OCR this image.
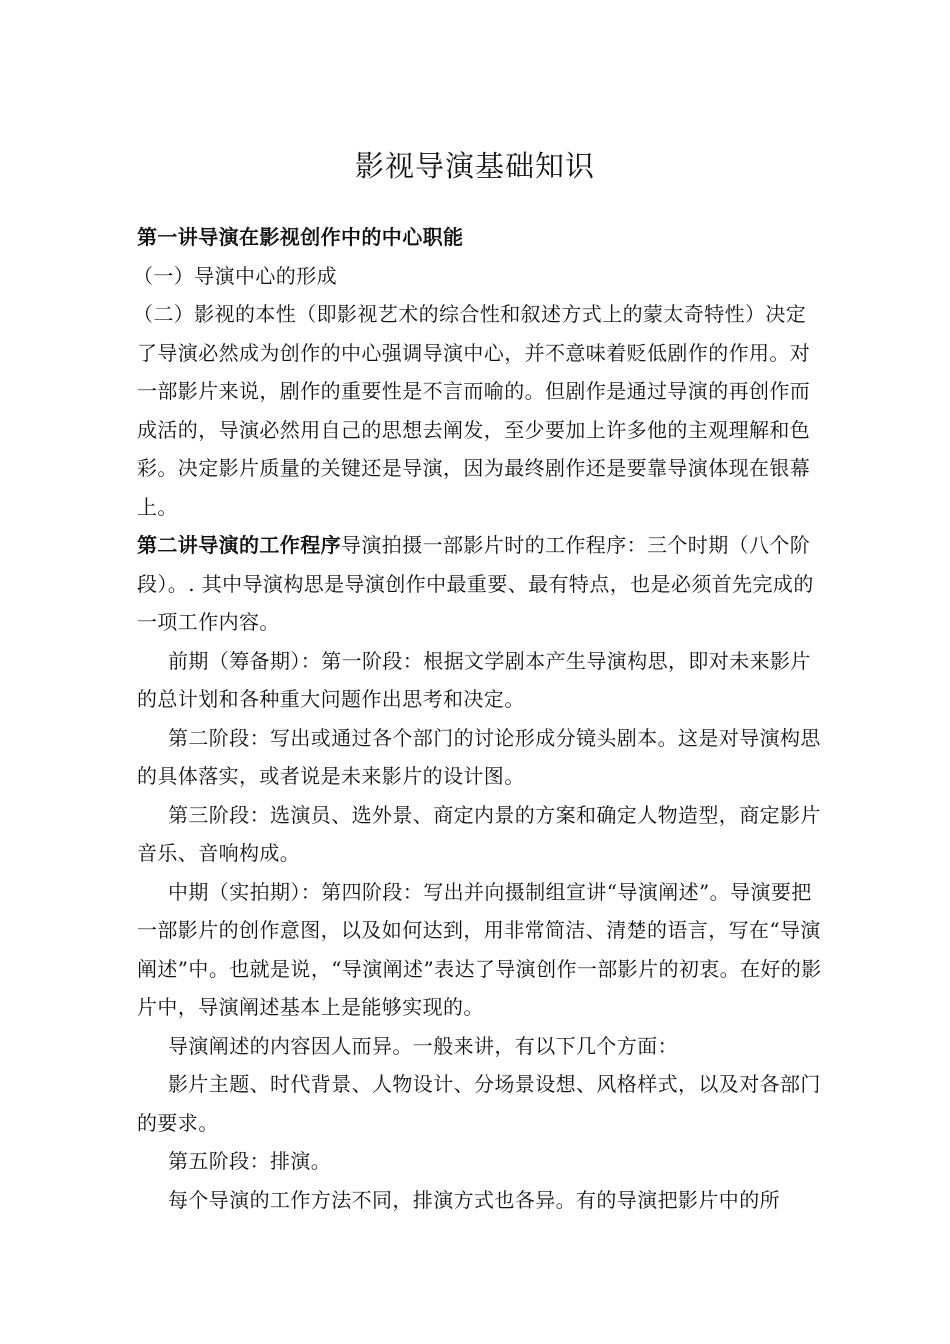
影视导演基础知识

第一讲导演在影视创作中的中心职能

（一）导演中心的形成

（二）影视的本性（即影视艺术的综合性和叙述方式上的蒙太奇特性）决定了导演必然成为创作的中心强调导演中心，并不意味着贬低剧作的作用。对一部影片来说，剧作的重要性是不言而喻的。但剧作是通过导演的再创作而成活的，导演必然用自己的思想去阐发，至少要加上许多他的主观理解和色彩。决定影片质量的关键还是导演，因为最终剧作还是要靠导演体现在银幕上。

第二讲导演的工作程序导演拍摄一部影片时的工作程序：三个时期（八个阶段）。. 其中导演构思是导演创作中最重要、最有特点，也是必须首先完成的一项工作内容。

前期（筹备期）：第一阶段：根据文学剧本产生导演构思，即对未来影片的总计划和各种重大问题作出思考和决定。

第二阶段：写出或通过各个部门的讨论形成分镜头剧本。这是对导演构思的具体落实，或者说是未来影片的设计图。

第三阶段：选演员、选外景、商定内景的方案和确定人物造型，商定影片音乐、音响构成。

中期（实拍期）：第四阶段：写出并向摄制组宣讲“导演阐述”。导演要把一部影片的创作意图，以及如何达到，用非常简洁、清楚的语言，写在“导演阐述”中。也就是说，“导演阐述”表达了导演创作一部影片的初衷。在好的影片中，导演阐述基本上是能够实现的。

导演阐述的内容因人而异。一般来讲，有以下几个方面：

影片主题、时代背景、人物设计、分场景设想、风格样式，以及对各部门的要求。

第五阶段：排演。

每个导演的工作方法不同，排演方式也各异。有的导演把影片中的所
